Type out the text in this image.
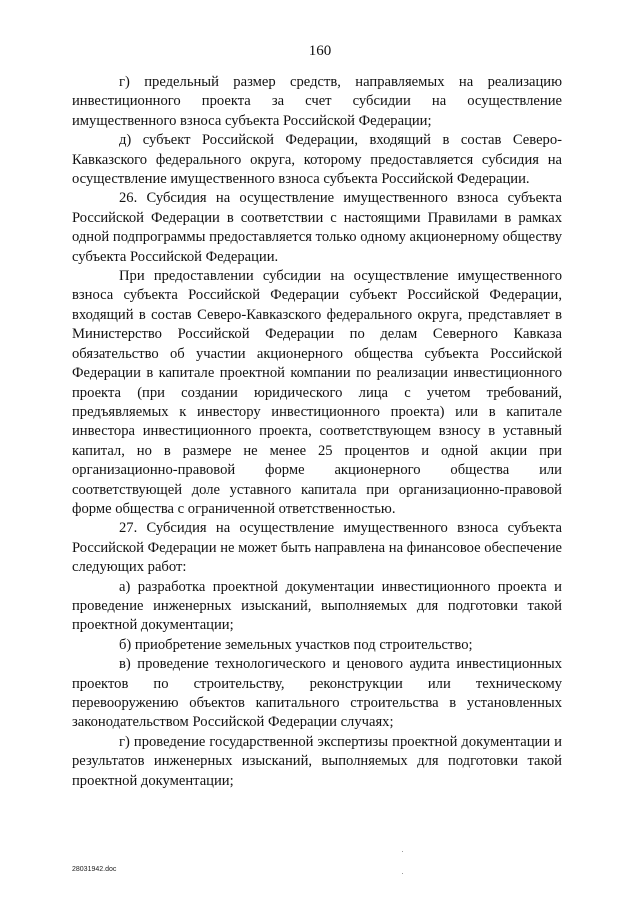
160

г) предельный размер средств, направляемых на реализацию инвестиционного проекта за счет субсидии на осуществление имущественного взноса субъекта Российской Федерации;

д) субъект Российской Федерации, входящий в состав Северо-Кавказского федерального округа, которому предоставляется субсидия на осуществление имущественного взноса субъекта Российской Федерации.

26. Субсидия на осуществление имущественного взноса субъекта Российской Федерации в соответствии с настоящими Правилами в рамках одной подпрограммы предоставляется только одному акционерному обществу субъекта Российской Федерации.

При предоставлении субсидии на осуществление имущественного взноса субъекта Российской Федерации субъект Российской Федерации, входящий в состав Северо-Кавказского федерального округа, представляет в Министерство Российской Федерации по делам Северного Кавказа обязательство об участии акционерного общества субъекта Российской Федерации в капитале проектной компании по реализации инвестиционного проекта (при создании юридического лица с учетом требований, предъявляемых к инвестору инвестиционного проекта) или в капитале инвестора инвестиционного проекта, соответствующем взносу в уставный капитал, но в размере не менее 25 процентов и одной акции при организационно-правовой форме акционерного общества или соответствующей доле уставного капитала при организационно-правовой форме общества с ограниченной ответственностью.

27. Субсидия на осуществление имущественного взноса субъекта Российской Федерации не может быть направлена на финансовое обеспечение следующих работ:

а) разработка проектной документации инвестиционного проекта и проведение инженерных изысканий, выполняемых для подготовки такой проектной документации;

б) приобретение земельных участков под строительство;

в) проведение технологического и ценового аудита инвестиционных проектов по строительству, реконструкции или техническому перевооружению объектов капитального строительства в установленных законодательством Российской Федерации случаях;

г) проведение государственной экспертизы проектной документации и результатов инженерных изысканий, выполняемых для подготовки такой проектной документации;

28031942.doc
